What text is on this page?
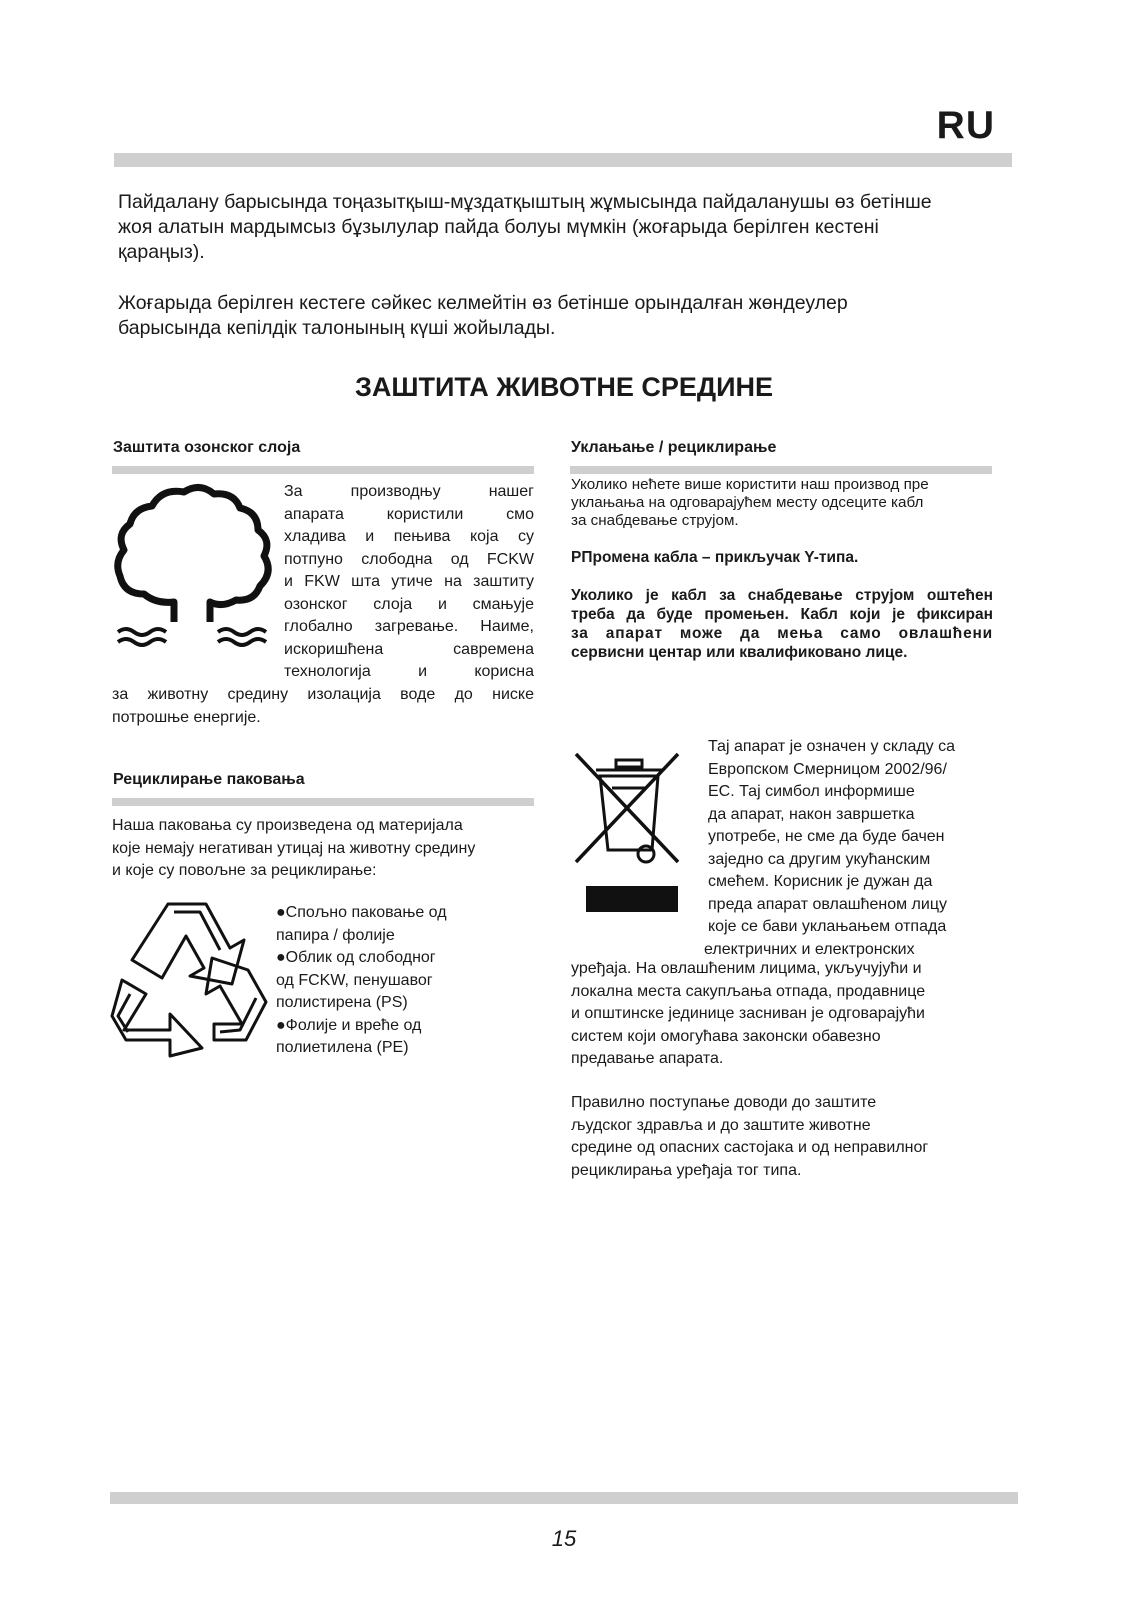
RU
Пайдалану барысында тоңазытқыш-мұздатқыштың жұмысында пайдаланушы өз бетінше
жоя алатын мардымсыз бұзылулар пайда болуы мүмкін (жоғарыда берілген кестені
қараңыз).
Жоғарыда берілген кестеге сәйкес келмейтін өз бетінше орындалған жөндеулер
барысында кепілдік талонының күші жойылады.
ЗАШТИТА ЖИВОТНЕ СРЕДИНЕ
Заштита озонског слоја
За производњу нашег
апарата користили смо
хладива и пењива која су
потпуно слободна од FCKW
и FKW шта утиче на заштиту
озонског слоја и смањује
глобално загревање. Наиме,
искоришћена савремена
технологија и корисна
за животну средину изолација воде до ниске
потрошње енергије.
Рециклирање паковања
Наша паковања су произведена од материјала
које немају негативан утицај на животну средину
и које су повољне за рециклирање:
●Спољно паковање од
папира / фолије
●Облик од слободног
од FCKW, пенушавог
полистирена (PS)
●Фолије и вреће од
полиетилена (PE)
Уклањање / рециклирање
Уколико нећете више користити наш производ пре
уклањања на одговарајућем месту одсеците кабл
за снабдевање струјом.
РПромена кабла – прикључак Y-типа.
Уколико је кабл за снабдевање струјом оштећен
треба да буде промењен. Кабл који је фиксиран
за апарат може да мења само овлашћени
сервисни центар или квалификовано лице.
Тај апарат је означен у складу са
Европском Смерницом 2002/96/
ЕС. Тај симбол информише
да апарат, након завршетка
употребе, не сме да буде бачен
заједно са другим укућанским
смећем. Корисник је дужан да
преда апарат овлашћеном лицу
које се бави уклањањем отпада
електричних и електронских
уређаја. На овлашћеним лицима, укључујући и
локална места сакупљања отпада, продавнице
и општинске јединице засниван је одговарајући
систем који омогућава законски обавезно
предавање апарата.
Правилно поступање доводи до заштите
људског здравља и до заштите животне
средине од опасних састојака и од неправилног
рециклирања уређаја тог типа.
15
